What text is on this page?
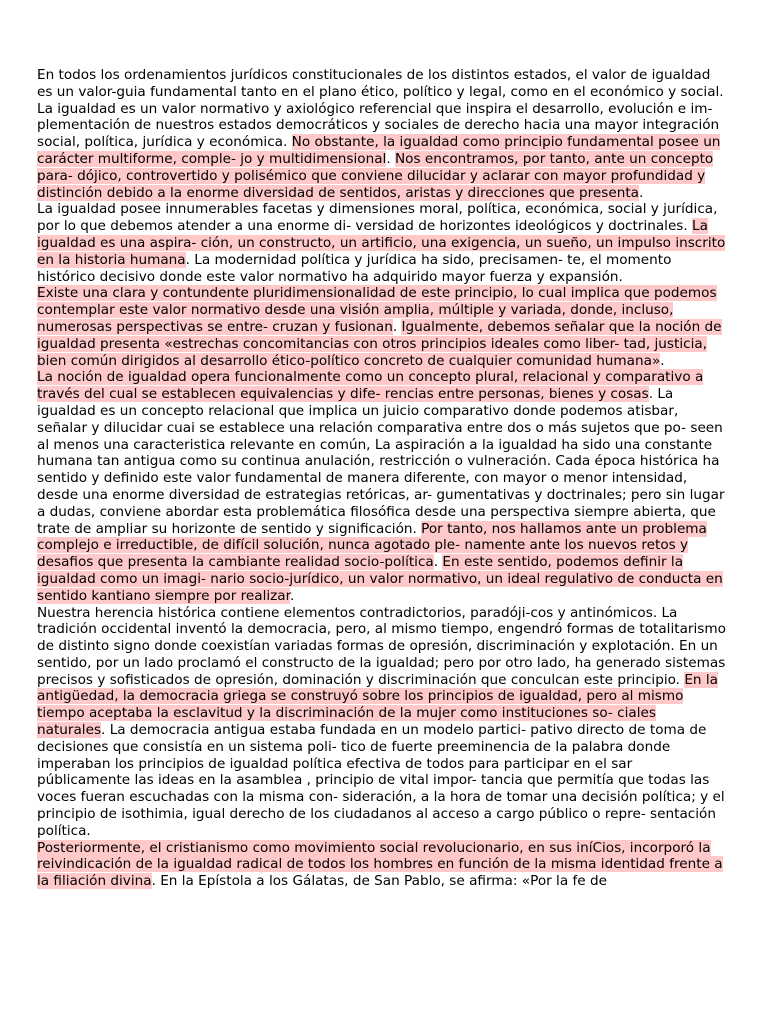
En todos los ordenamientos jurídicos constitucionales de los distintos estados, el valor de igualdad es un valor-guia fundamental tanto en el plano ético, político y legal, como en el económico y social. La igualdad es un valor normativo y axiológico referencial que inspira el desarrollo, evolución e im- plementación de nuestros estados democráticos y sociales de derecho hacia una mayor integración social, política, jurídica y económica. No obstante, la igualdad como principio fundamental posee un carácter multiforme, comple- jo y multidimensional. Nos encontramos, por tanto, ante un concepto para- dójico, controvertido y polisémico que conviene dilucidar y aclarar con mayor profundidad y distinción debido a la enorme diversidad de sentidos, aristas y direcciones que presenta.

La igualdad posee innumerables facetas y dimensiones moral, política, económica, social y jurídica, por lo que debemos atender a una enorme di- versidad de horizontes ideológicos y doctrinales. La igualdad es una aspira- ción, un constructo, un artificio, una exigencia, un sueño, un impulso inscrito en la historia humana. La modernidad política y jurídica ha sido, precisamen- te, el momento histórico decisivo donde este valor normativo ha adquirido mayor fuerza y expansión.

Existe una clara y contundente pluridimensionalidad de este principio, lo cual implica que podemos contemplar este valor normativo desde una visión amplia, múltiple y variada, donde, incluso, numerosas perspectivas se entre- cruzan y fusionan. Igualmente, debemos señalar que la noción de igualdad presenta «estrechas concomitancias con otros principios ideales como liber- tad, justicia, bien común dirigidos al desarrollo ético-político concreto de cualquier comunidad humana».

La noción de igualdad opera funcionalmente como un concepto plural, relacional y comparativo a través del cual se establecen equivalencias y dife- rencias entre personas, bienes y cosas. La igualdad es un concepto relacional que implica un juicio comparativo donde podemos atisbar, señalar y dilucidar cuai se establece una relación comparativa entre dos o más sujetos que po- seen al menos una caracteristica relevante en común, La aspiración a la igualdad ha sido una constante humana tan antigua como su continua anulación, restricción o vulneración. Cada época histórica ha sentido y definido este valor fundamental de manera diferente, con mayor o menor intensidad, desde una enorme diversidad de estrategias retóricas, ar- gumentativas y doctrinales; pero sin lugar a dudas, conviene abordar esta problemática filosófica desde una perspectiva siempre abierta, que trate de ampliar su horizonte de sentido y significación. Por tanto, nos hallamos ante un problema complejo e irreductible, de difícil solución, nunca agotado ple- namente ante los nuevos retos y desafios que presenta la cambiante realidad socio-política. En este sentido, podemos definir la igualdad como un imagi- nario socio-jurídico, un valor normativo, un ideal regulativo de conducta en sentido kantiano siempre por realizar.

Nuestra herencia histórica contiene elementos contradictorios, paradóji-cos y antinómicos. La tradición occidental inventó la democracia, pero, al mismo tiempo, engendró formas de totalitarismo de distinto signo donde coexistían variadas formas de opresión, discriminación y explotación. En un sentido, por un lado proclamó el constructo de la igualdad; pero por otro lado, ha generado sistemas precisos y sofisticados de opresión, dominación y discriminación que conculcan este principio. En la antigüedad, la democracia griega se construyó sobre los principios de igualdad, pero al mismo tiempo aceptaba la esclavitud y la discriminación de la mujer como instituciones so- ciales naturales. La democracia antigua estaba fundada en un modelo partici- pativo directo de toma de decisiones que consistía en un sistema poli- tico de fuerte preeminencia de la palabra donde imperaban los principios de igualdad política efectiva de todos para participar en el sar públicamente las ideas en la asamblea , principio de vital impor- tancia que permitía que todas las voces fueran escuchadas con la misma con- sideración, a la hora de tomar una decisión política; y el principio de isothimia, igual derecho de los ciudadanos al acceso a cargo público o repre- sentación política.

Posteriormente, el cristianismo como movimiento social revolucionario, en sus iníCios, incorporó la reivindicación de la igualdad radical de todos los hombres en función de la misma identidad frente a la filiación divina. En la Epístola a los Gálatas, de San Pablo, se afirma: «Por la fe de
